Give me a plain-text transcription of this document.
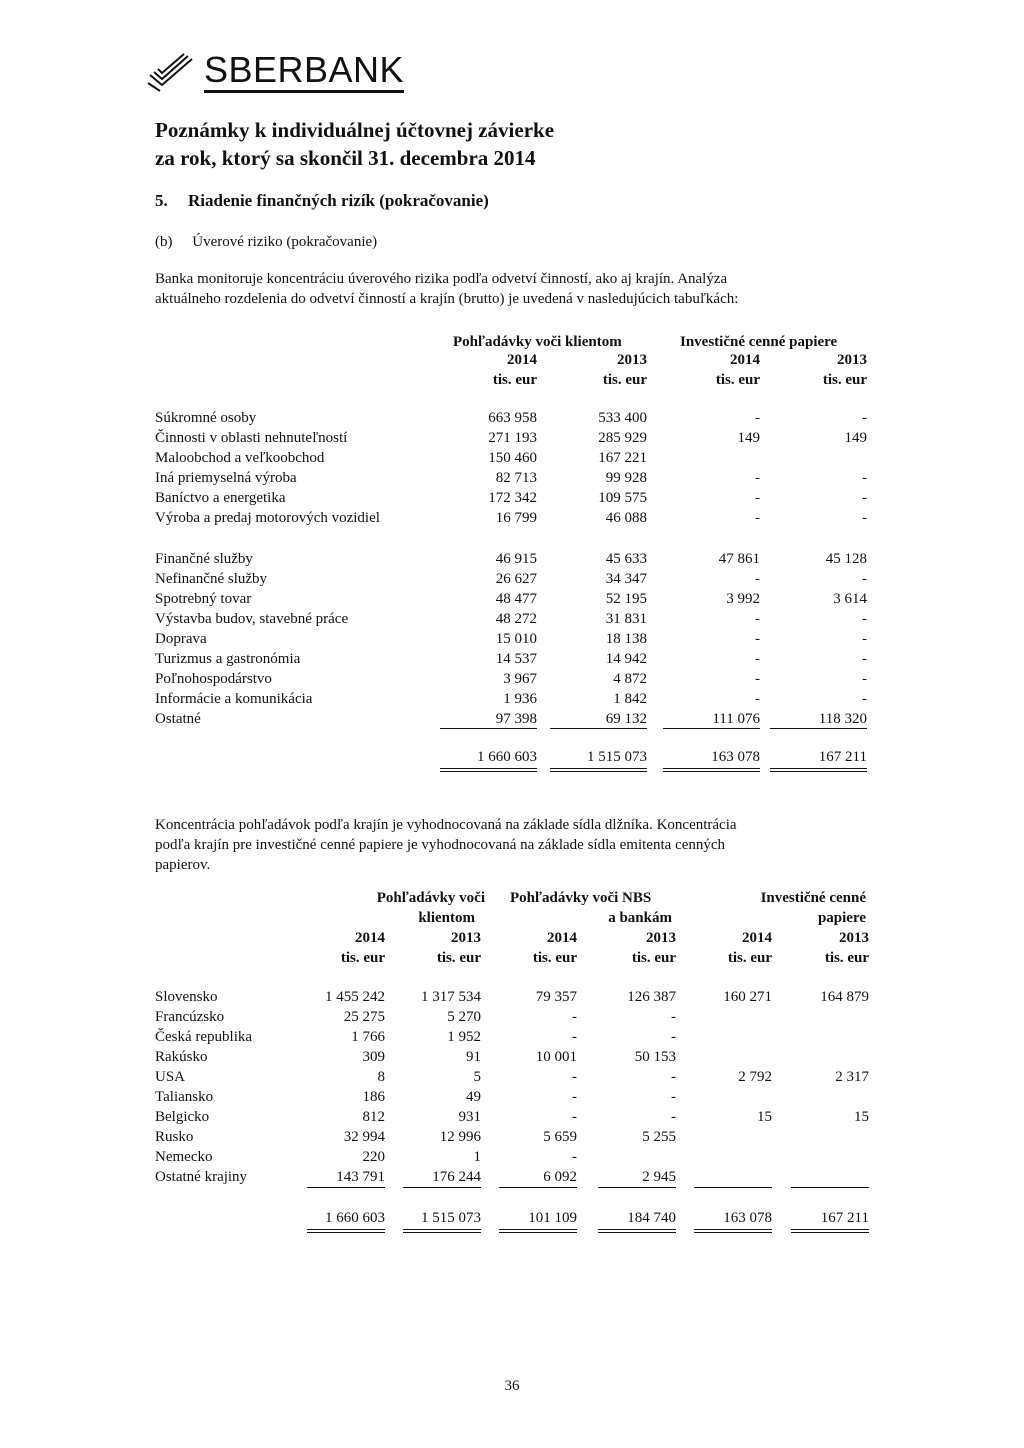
SBERBANK
Poznámky k individuálnej účtovnej závierke
za rok, ktorý sa skončil 31. decembra 2014
5. Riadenie finančných rizík (pokračovanie)
(b) Úverové riziko (pokračovanie)
Banka monitoruje koncentráciu úverového rizika podľa odvetví činností, ako aj krajín. Analýza
aktuálneho rozdelenia do odvetví činností a krajín (brutto) je uvedená v nasledujúcich tabuľkách:
Pohľadávky voči klientom	Investičné cenné papiere
2014	2013	2014	2013
tis. eur	tis. eur	tis. eur	tis. eur
Súkromné osoby	663 958	533 400	-	-
Činnosti v oblasti nehnuteľností	271 193	285 929	149	149
Maloobchod a veľkoobchod	150 460	167 221
Iná priemyselná výroba	82 713	99 928	-	-
Baníctvo a energetika	172 342	109 575	-	-
Výroba a predaj motorových vozidiel	16 799	46 088	-	-
Finančné služby	46 915	45 633	47 861	45 128
Nefinančné služby	26 627	34 347	-	-
Spotrebný tovar	48 477	52 195	3 992	3 614
Výstavba budov, stavebné práce	48 272	31 831	-	-
Doprava	15 010	18 138	-	-
Turizmus a gastronómia	14 537	14 942	-	-
Poľnohospodárstvo	3 967	4 872	-	-
Informácie a komunikácia	1 936	1 842	-	-
Ostatné	97 398	69 132	111 076	118 320
1 660 603	1 515 073	163 078	167 211
Koncentrácia pohľadávok podľa krajín je vyhodnocovaná na základe sídla dlžníka. Koncentrácia
podľa krajín pre investičné cenné papiere je vyhodnocovaná na základe sídla emitenta cenných
papierov.
Pohľadávky voči
klientom
Pohľadávky voči NBS
a bankám
Investičné cenné
papiere
2014	2013	2014	2013	2014	2013
tis. eur	tis. eur	tis. eur	tis. eur	tis. eur	tis. eur
Slovensko	1 455 242	1 317 534	79 357	126 387	160 271	164 879
Francúzsko	25 275	5 270	-	-
Česká republika	1 766	1 952	-	-
Rakúsko	309	91	10 001	50 153
USA	8	5	-	-	2 792	2 317
Taliansko	186	49	-	-
Belgicko	812	931	-	-	15	15
Rusko	32 994	12 996	5 659	5 255
Nemecko	220	1	-
Ostatné krajiny	143 791	176 244	6 092	2 945
1 660 603	1 515 073	101 109	184 740	163 078	167 211
36
